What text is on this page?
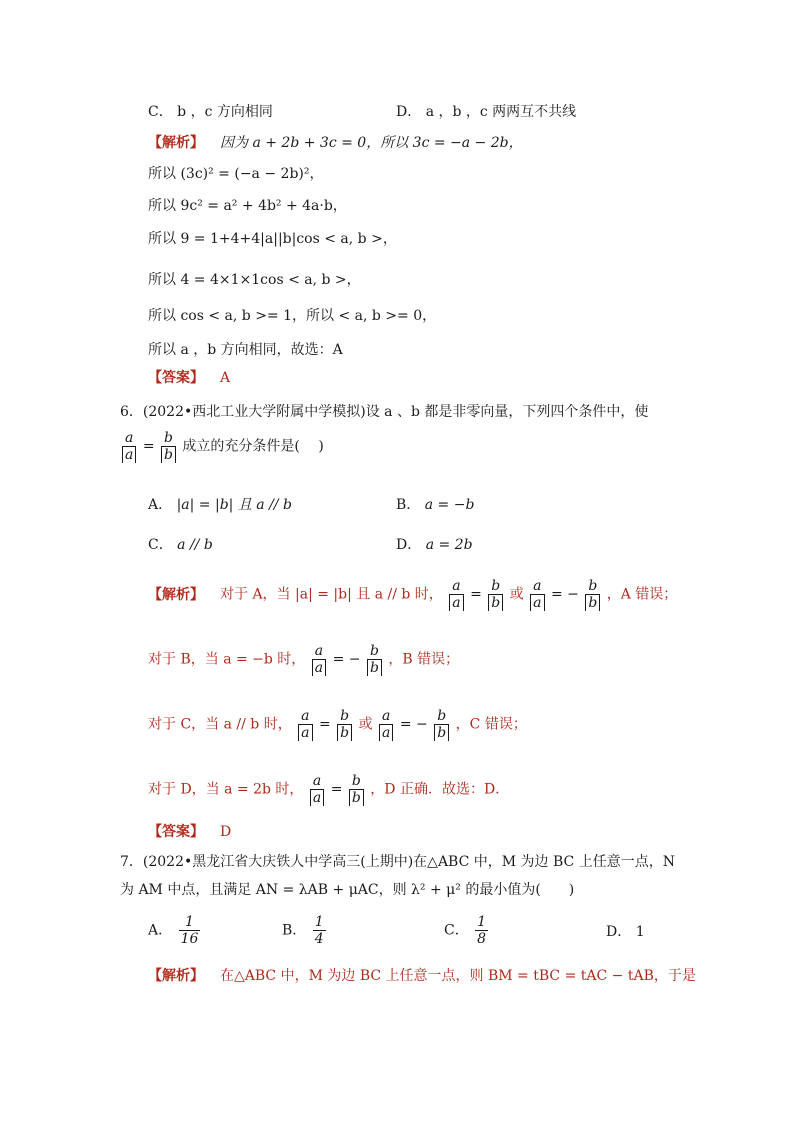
C． b ，c 方向相同	D． a ，b ，c 两两互不共线
【解析】 因为 a + 2b + 3c = 0，所以 3c = −a − 2b，
所以 (3c)² = (−a − 2b)²，
所以 9c² = a² + 4b² + 4a·b，
所以 9 = 1+4+4|a||b|cos < a, b >，
所以 4 = 4×1×1cos < a, b >，
所以 cos < a, b >= 1，所以 < a, b >= 0，
所以 a ，b 方向相同，故选：A
【答案】 A
6．(2022•西北工业大学附属中学模拟)设 a 、b 都是非零向量，下列四个条件中，使
$\frac{a}{a} = \frac{b}{b}$ 成立的充分条件是(　 )
A． |a| = |b| 且 a // b	B． a = −b
C． a // b	D． a = 2b
【解析】 对于 A，当 |a| = |b| 且 a // b 时， $\frac{a}{a} = \frac{b}{b}$ 或 $\frac{a}{a}$ = − $\frac{b}{b}$ ，A 错误；
对于 B，当 a = −b 时， $\frac{a}{a}$ = − $\frac{b}{b}$ ，B 错误；
对于 C，当 a // b 时， $\frac{a}{a} = \frac{b}{b}$ 或 $\frac{a}{a}$ = − $\frac{b}{b}$ ，C 错误；
对于 D，当 a = 2b 时， $\frac{a}{a} = \frac{b}{b}$ ，D 正确．故选：D．
【答案】 D
7．(2022•黑龙江省大庆铁人中学高三(上期中)在△ABC 中，M 为边 BC 上任意一点，N
为 AM 中点，且满足 AN = λAB + μAC，则 λ² + μ² 的最小值为(　　)
A． $\frac{1}{16}$	B． $\frac{1}{4}$	C． $\frac{1}{8}$	D． 1
【解析】 在△ABC 中，M 为边 BC 上任意一点，则 BM = tBC = tAC − tAB，于是
